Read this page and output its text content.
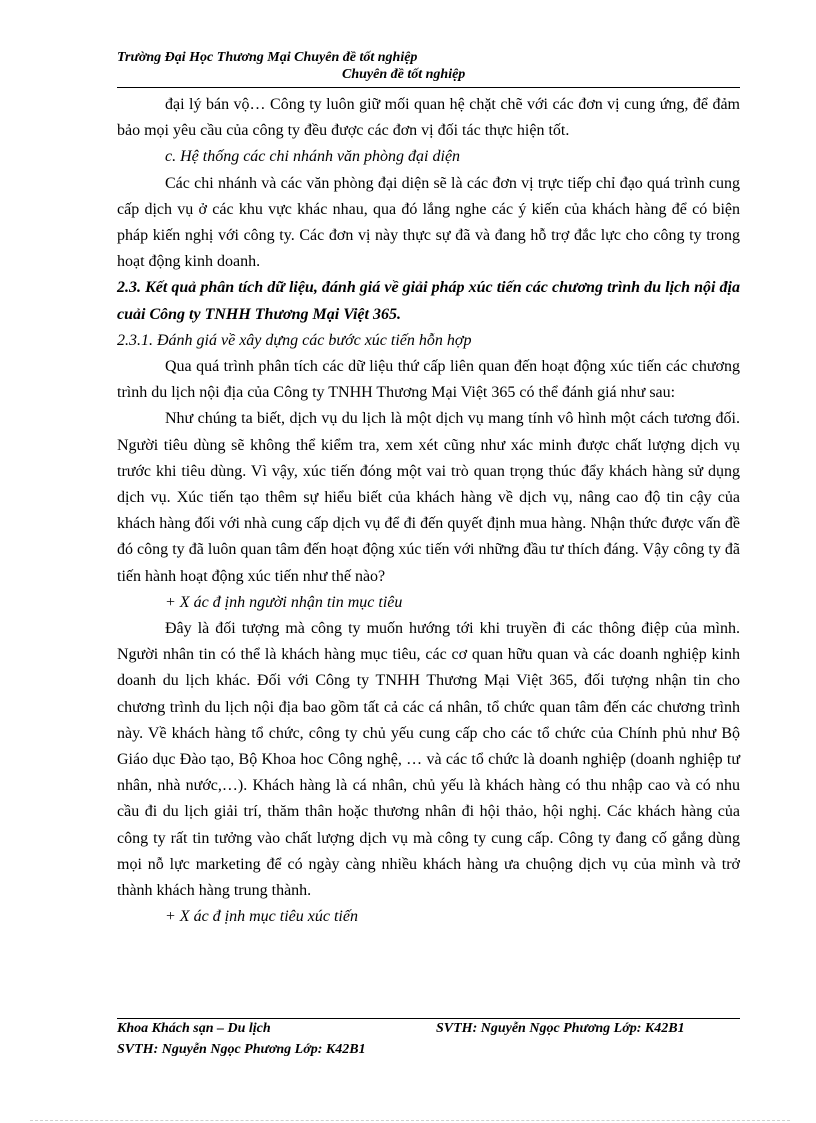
Trường Đại Học Thương Mại Chuyên đề tốt nghiệp
Chuyên đề tốt nghiệp

đại lý bán vộ… Công ty luôn giữ mối quan hệ chặt chẽ với các đơn vị cung ứng, để đảm bảo mọi yêu cầu của công ty đều được các đơn vị đối tác thực hiện tốt.

c. Hệ thống các chi nhánh văn phòng đại diện

Các chi nhánh và các văn phòng đại diện sẽ là các đơn vị trực tiếp chỉ đạo quá trình cung cấp dịch vụ ở các khu vực khác nhau, qua đó lắng nghe các ý kiến của khách hàng để có biện pháp kiến nghị với công ty. Các đơn vị này thực sự đã và đang hỗ trợ đắc lực cho công ty trong hoạt động kinh doanh.

2.3. Kết quả phân tích dữ liệu, đánh giá về giải pháp xúc tiến các chương trình du lịch nội địa cuải Công ty TNHH Thương Mại Việt 365.

2.3.1. Đánh giá về xây dựng các bước xúc tiến hỗn hợp

Qua quá trình phân tích các dữ liệu thứ cấp liên quan đến hoạt động xúc tiến các chương trình du lịch nội địa của Công ty TNHH Thương Mại Việt 365 có thể đánh giá như sau:

Như chúng ta biết, dịch vụ du lịch là một dịch vụ mang tính vô hình một cách tương đối. Người tiêu dùng sẽ không thể kiểm tra, xem xét cũng như xác minh được chất lượng dịch vụ trước khi tiêu dùng. Vì vậy, xúc tiến đóng một vai trò quan trọng thúc đẩy khách hàng sử dụng dịch vụ. Xúc tiến tạo thêm sự hiểu biết của khách hàng về dịch vụ, nâng cao độ tin cậy của khách hàng đối với nhà cung cấp dịch vụ để đi đến quyết định mua hàng. Nhận thức được vấn đề đó công ty đã luôn quan tâm đến hoạt động xúc tiến với những đầu tư thích đáng. Vậy công ty đã tiến hành hoạt động xúc tiến như thế nào?

+ X ác đ ịnh người nhận tin mục tiêu

Đây là đối tượng mà công ty muốn hướng tới khi truyền đi các thông điệp của mình. Người nhân tin có thể là khách hàng mục tiêu, các cơ quan hữu quan và các doanh nghiệp kinh doanh du lịch khác. Đối với Công ty TNHH Thương Mại Việt 365, đối tượng nhận tin cho chương trình du lịch nội địa bao gồm tất cả các cá nhân, tổ chức quan tâm đến các chương trình này. Về khách hàng tổ chức, công ty chủ yếu cung cấp cho các tổ chức của Chính phủ như Bộ Giáo dục Đào tạo, Bộ Khoa hoc Công nghệ, … và các tổ chức là doanh nghiệp (doanh nghiệp tư nhân, nhà nước,…). Khách hàng là cá nhân, chủ yếu là khách hàng có thu nhập cao và có nhu cầu đi du lịch giải trí, thăm thân hoặc thương nhân đi hội thảo, hội nghị. Các khách hàng của công ty rất tin tưởng vào chất lượng dịch vụ mà công ty cung cấp. Công ty đang cố gắng dùng mọi nỗ lực marketing để có ngày càng nhiều khách hàng ưa chuộng dịch vụ của mình và trở thành khách hàng trung thành.

+ X ác đ ịnh mục tiêu xúc tiến

Khoa Khách sạn – Du lịch	SVTH: Nguyễn Ngọc Phương Lớp: K42B1
SVTH: Nguyễn Ngọc Phương Lớp: K42B1
